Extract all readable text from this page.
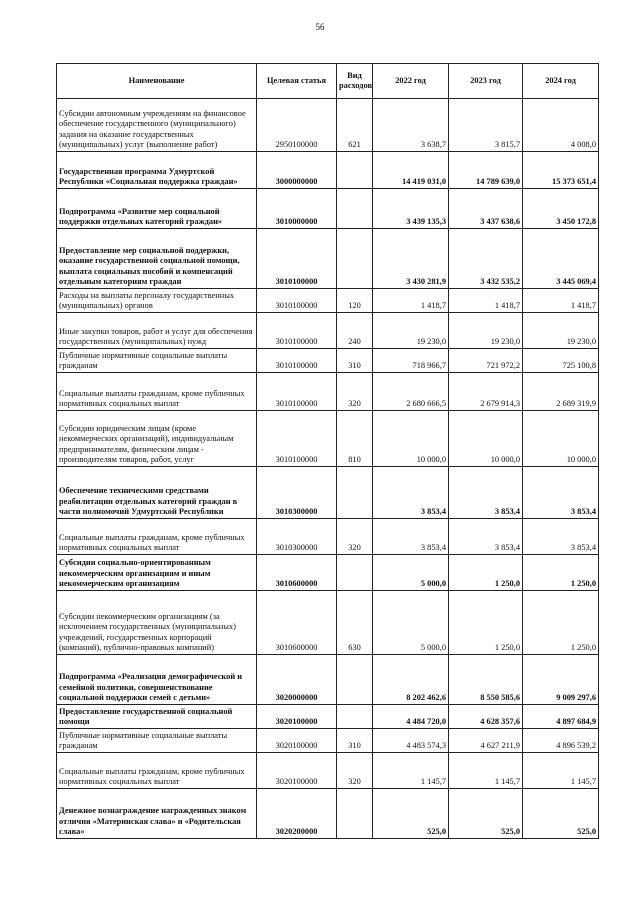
56
Наименование	Целевая статья	Вид расходов	2022 год	2023 год	2024 год
Субсидии автономным учреждениям на финансовое обеспечение государственного (муниципального) задания на оказание государственных (муниципальных) услуг (выполнение работ)	2950100000	621	3 638,7	3 815,7	4 008,0
Государственная программа Удмуртской Республики «Социальная поддержка граждан»	3000000000		14 419 031,0	14 789 639,0	15 373 651,4
Подпрограмма «Развитие мер социальной поддержки отдельных категорий граждан»	3010000000		3 439 135,3	3 437 638,6	3 450 172,8
Предоставление мер социальной поддержки, оказание государственной социальной помощи, выплата социальных пособий и компенсаций отдельным категориям граждан	3010100000		3 430 281,9	3 432 535,2	3 445 069,4
Расходы на выплаты персоналу государственных (муниципальных) органов	3010100000	120	1 418,7	1 418,7	1 418,7
Иные закупки товаров, работ и услуг для обеспечения государственных (муниципальных) нужд	3010100000	240	19 230,0	19 230,0	19 230,0
Публичные нормативные социальные выплаты гражданам	3010100000	310	718 966,7	721 972,2	725 100,8
Социальные выплаты гражданам, кроме публичных нормативных социальных выплат	3010100000	320	2 680 666,5	2 679 914,3	2 689 319,9
Субсидии юридическим лицам (кроме некоммерческих организаций), индивидуальным предпринимателям, физическим лицам - производителям товаров, работ, услуг	3010100000	810	10 000,0	10 000,0	10 000,0
Обеспечение техническими средствами реабилитации отдельных категорий граждан в части полномочий Удмуртской Республики	3010300000		3 853,4	3 853,4	3 853,4
Социальные выплаты гражданам, кроме публичных нормативных социальных выплат	3010300000	320	3 853,4	3 853,4	3 853,4
Субсидии социально-ориентированным некоммерческим организациям и иным некоммерческим организациям	3010600000		5 000,0	1 250,0	1 250,0
Субсидии некоммерческим организациям (за исключением государственных (муниципальных) учреждений, государственных корпораций (компаний), публично-правовых компаний)	3010600000	630	5 000,0	1 250,0	1 250,0
Подпрограмма «Реализация демографической и семейной политики, совершенствование социальной поддержки семей с детьми»	3020000000		8 202 462,6	8 550 585,6	9 009 297,6
Предоставление государственной социальной помощи	3020100000		4 484 720,0	4 628 357,6	4 897 684,9
Публичные нормативные социальные выплаты гражданам	3020100000	310	4 483 574,3	4 627 211,9	4 896 539,2
Социальные выплаты гражданам, кроме публичных нормативных социальных выплат	3020100000	320	1 145,7	1 145,7	1 145,7
Денежное вознаграждение награжденных знаком отличия «Материнская слава» и «Родительская слава»	3020200000		525,0	525,0	525,0
